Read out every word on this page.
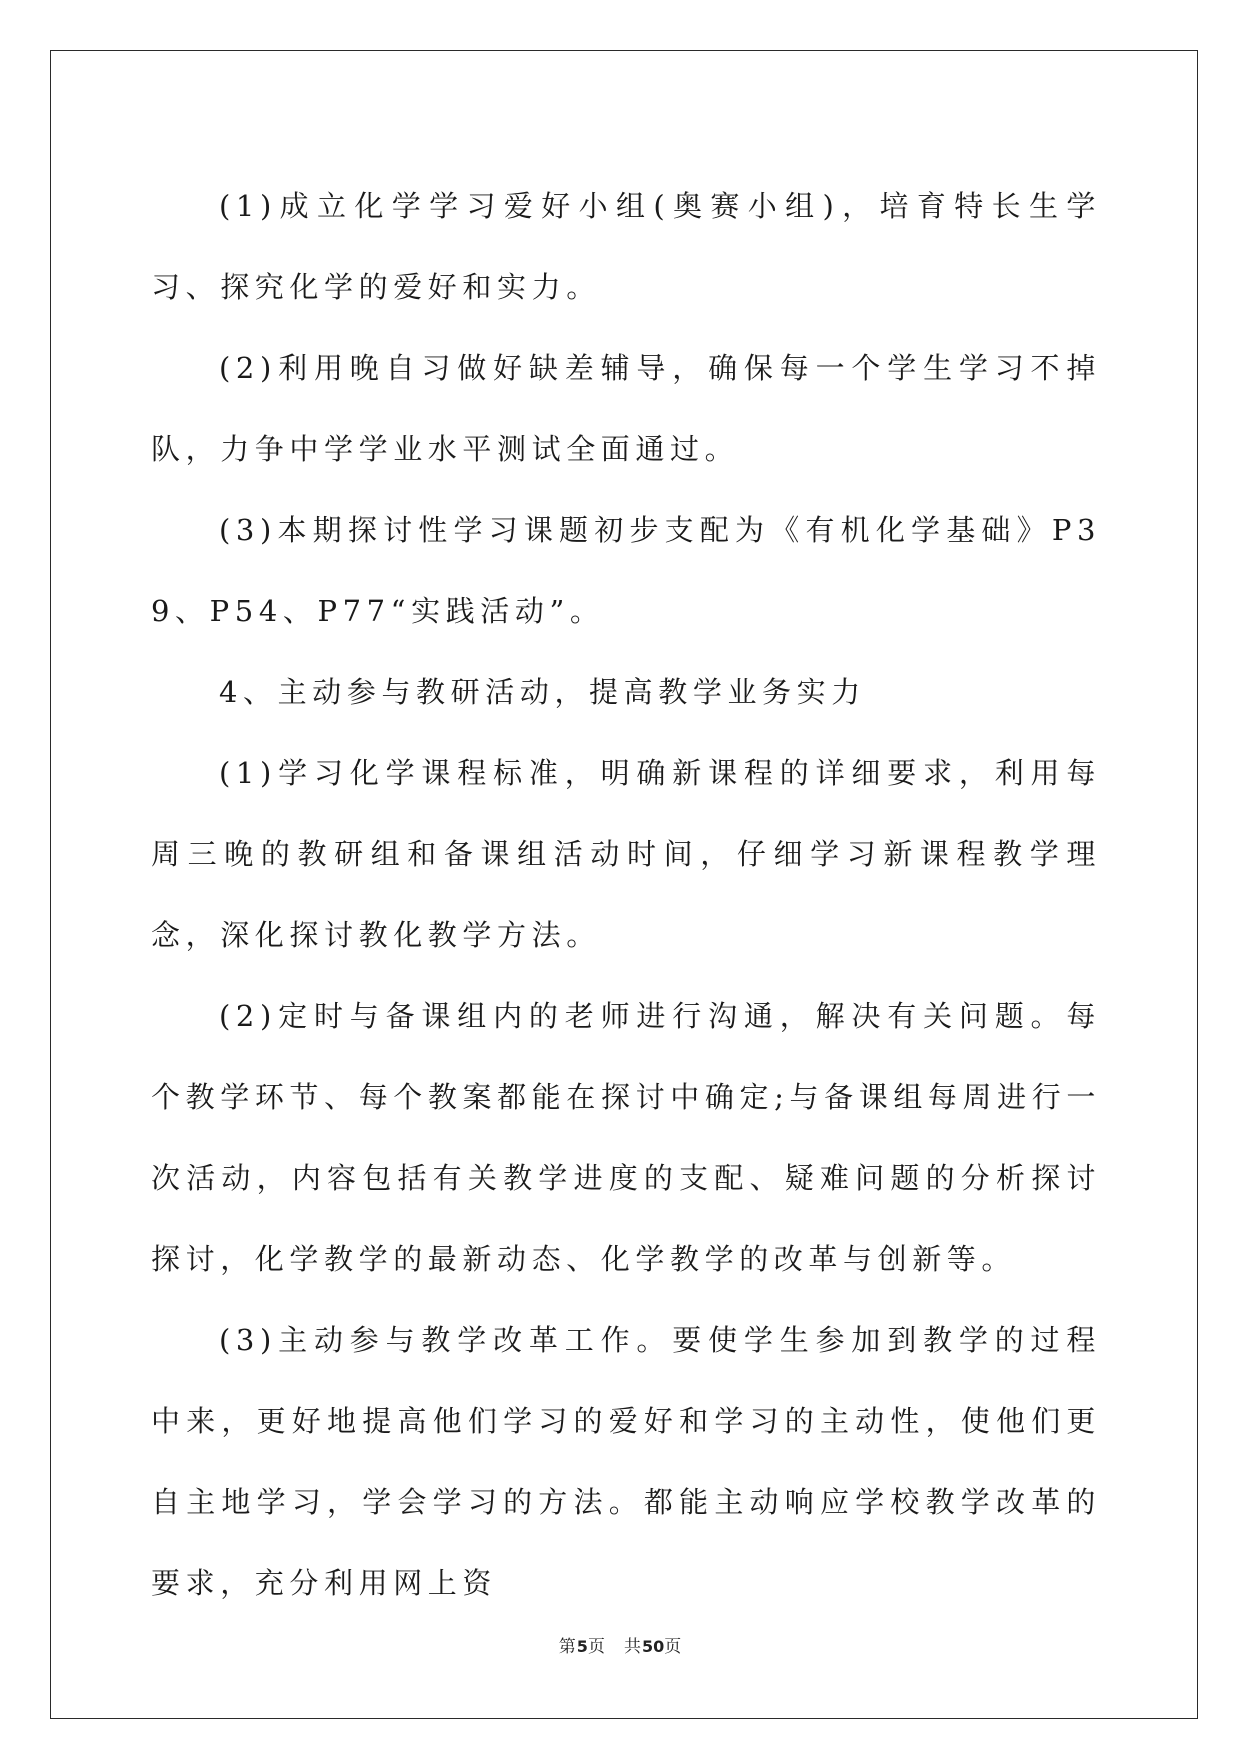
(1)成立化学学习爱好小组(奥赛小组)，培育特长生学习、探究化学的爱好和实力。

(2)利用晚自习做好缺差辅导，确保每一个学生学习不掉队，力争中学学业水平测试全面通过。

(3)本期探讨性学习课题初步支配为《有机化学基础》P39、P54、P77“实践活动”。

4、主动参与教研活动，提高教学业务实力

(1)学习化学课程标准，明确新课程的详细要求，利用每周三晚的教研组和备课组活动时间，仔细学习新课程教学理念，深化探讨教化教学方法。

(2)定时与备课组内的老师进行沟通，解决有关问题。每个教学环节、每个教案都能在探讨中确定;与备课组每周进行一次活动，内容包括有关教学进度的支配、疑难问题的分析探讨探讨，化学教学的最新动态、化学教学的改革与创新等。

(3)主动参与教学改革工作。要使学生参加到教学的过程中来，更好地提高他们学习的爱好和学习的主动性，使他们更自主地学习，学会学习的方法。都能主动响应学校教学改革的要求，充分利用网上资

第5页 共50页
